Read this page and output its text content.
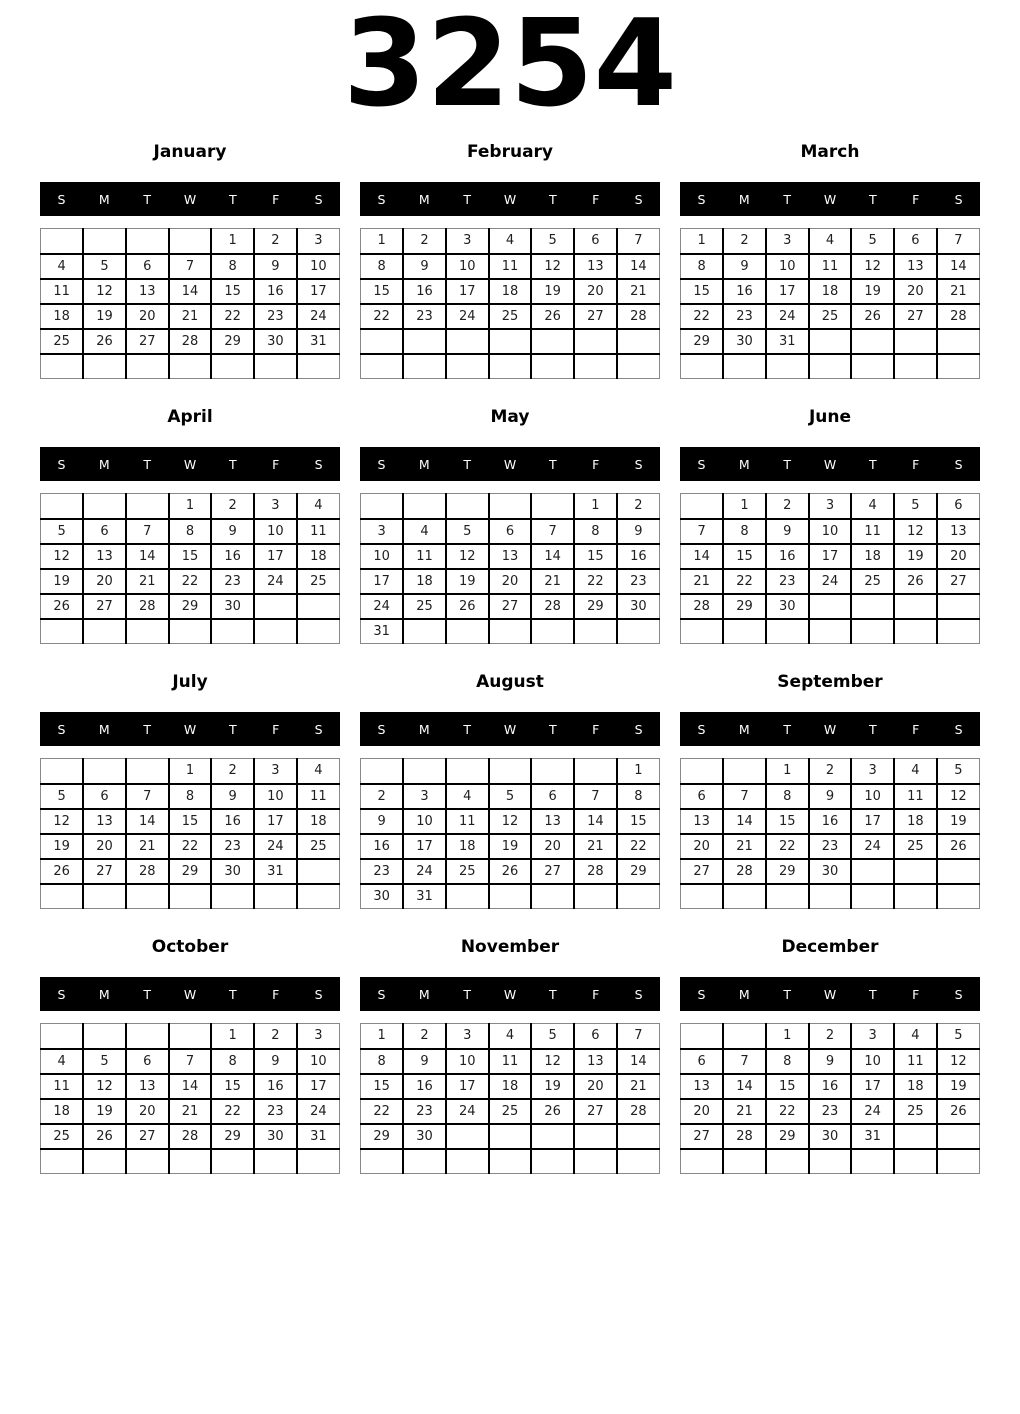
3254
January
S	M	T	W	T	F	S
				1	2	3
4	5	6	7	8	9	10
11	12	13	14	15	16	17
18	19	20	21	22	23	24
25	26	27	28	29	30	31

February
S	M	T	W	T	F	S
1	2	3	4	5	6	7
8	9	10	11	12	13	14
15	16	17	18	19	20	21
22	23	24	25	26	27	28

March
S	M	T	W	T	F	S
1	2	3	4	5	6	7
8	9	10	11	12	13	14
15	16	17	18	19	20	21
22	23	24	25	26	27	28
29	30	31				

April
S	M	T	W	T	F	S
			1	2	3	4
5	6	7	8	9	10	11
12	13	14	15	16	17	18
19	20	21	22	23	24	25
26	27	28	29	30		

May
S	M	T	W	T	F	S
					1	2
3	4	5	6	7	8	9
10	11	12	13	14	15	16
17	18	19	20	21	22	23
24	25	26	27	28	29	30
31						
June
S	M	T	W	T	F	S
	1	2	3	4	5	6
7	8	9	10	11	12	13
14	15	16	17	18	19	20
21	22	23	24	25	26	27
28	29	30				

July
S	M	T	W	T	F	S
			1	2	3	4
5	6	7	8	9	10	11
12	13	14	15	16	17	18
19	20	21	22	23	24	25
26	27	28	29	30	31	

August
S	M	T	W	T	F	S
						1
2	3	4	5	6	7	8
9	10	11	12	13	14	15
16	17	18	19	20	21	22
23	24	25	26	27	28	29
30	31					
September
S	M	T	W	T	F	S
		1	2	3	4	5
6	7	8	9	10	11	12
13	14	15	16	17	18	19
20	21	22	23	24	25	26
27	28	29	30			

October
S	M	T	W	T	F	S
				1	2	3
4	5	6	7	8	9	10
11	12	13	14	15	16	17
18	19	20	21	22	23	24
25	26	27	28	29	30	31

November
S	M	T	W	T	F	S
1	2	3	4	5	6	7
8	9	10	11	12	13	14
15	16	17	18	19	20	21
22	23	24	25	26	27	28
29	30					

December
S	M	T	W	T	F	S
		1	2	3	4	5
6	7	8	9	10	11	12
13	14	15	16	17	18	19
20	21	22	23	24	25	26
27	28	29	30	31		
